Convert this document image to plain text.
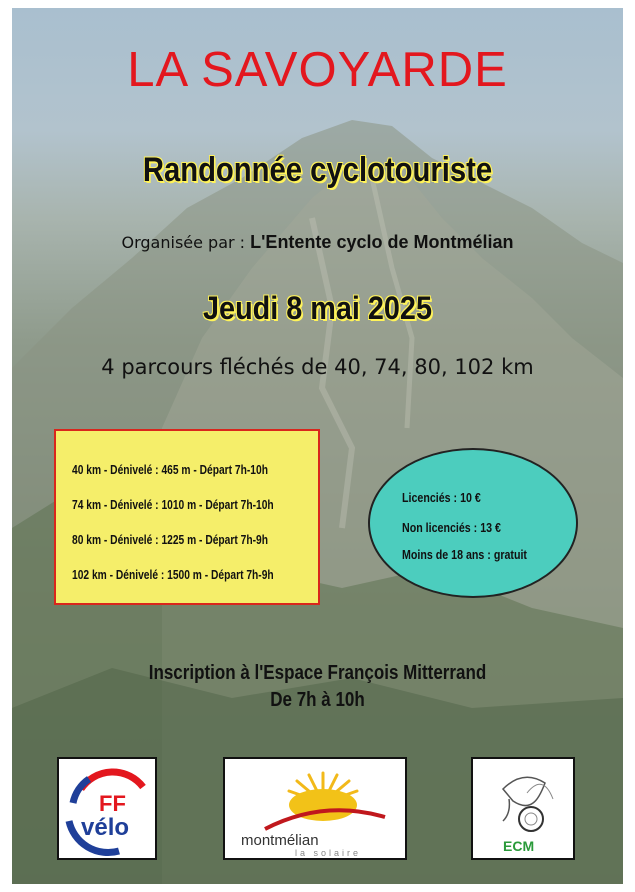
LA SAVOYARDE
Randonnée cyclotouriste
Organisée par : L'Entente cyclo de Montmélian
Jeudi 8 mai 2025
4 parcours fléchés de 40, 74, 80, 102 km
40 km - Dénivelé : 465 m - Départ 7h-10h
74 km - Dénivelé : 1010 m - Départ 7h-10h
80 km - Dénivelé : 1225 m - Départ 7h-9h
102 km - Dénivelé : 1500 m - Départ 7h-9h
Licenciés : 10 €
Non licenciés : 13 €
Moins de 18 ans : gratuit
Inscription à l'Espace François Mitterrand
De 7h à 10h
FF
vélo	montmélian
la solaire	ECM
